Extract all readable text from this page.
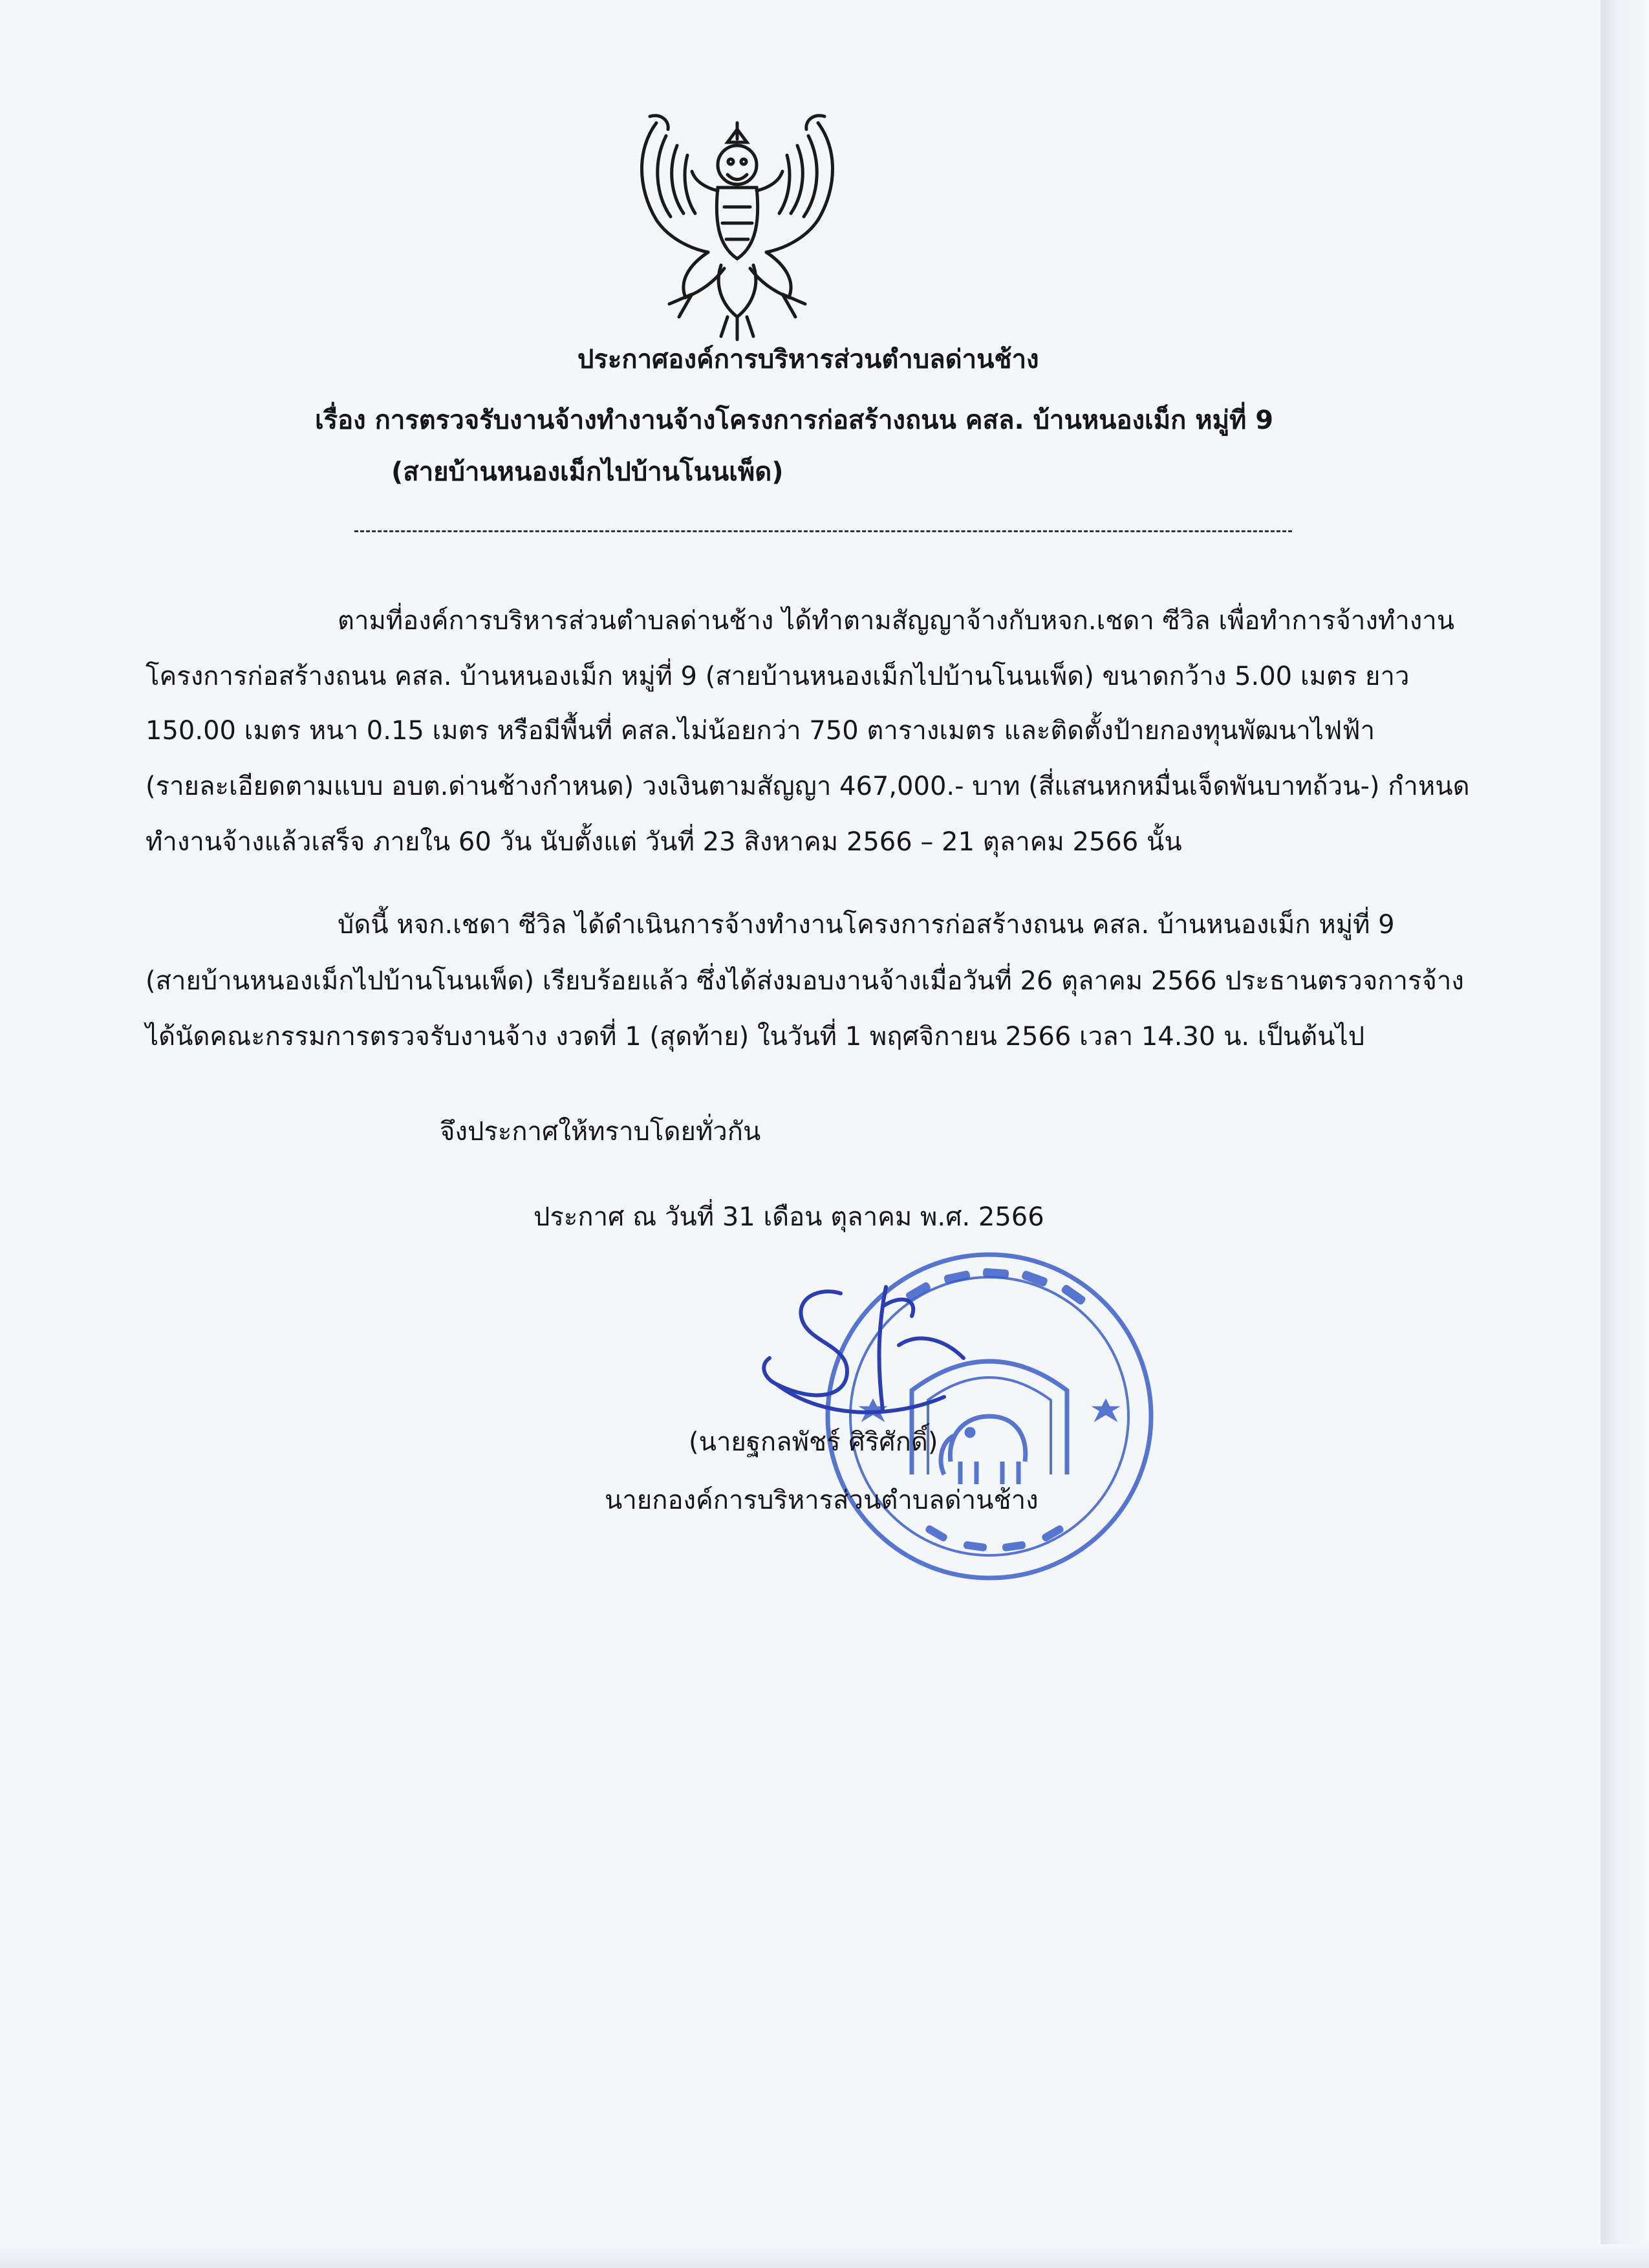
ประกาศองค์การบริหารส่วนตำบลด่านช้าง
เรื่อง การตรวจรับงานจ้างทำงานจ้างโครงการก่อสร้างถนน คสล. บ้านหนองเม็ก หมู่ที่ 9
(สายบ้านหนองเม็กไปบ้านโนนเพ็ด)
ตามที่องค์การบริหารส่วนตำบลด่านช้าง ได้ทำตามสัญญาจ้างกับหจก.เชดา ซีวิล เพื่อทำการจ้างทำงาน
โครงการก่อสร้างถนน คสล. บ้านหนองเม็ก หมู่ที่ 9 (สายบ้านหนองเม็กไปบ้านโนนเพ็ด) ขนาดกว้าง 5.00 เมตร ยาว
150.00 เมตร หนา 0.15 เมตร หรือมีพื้นที่ คสล.ไม่น้อยกว่า 750 ตารางเมตร และติดตั้งป้ายกองทุนพัฒนาไฟฟ้า
(รายละเอียดตามแบบ อบต.ด่านช้างกำหนด) วงเงินตามสัญญา 467,000.- บาท (สี่แสนหกหมื่นเจ็ดพันบาทถ้วน-) กำหนด
ทำงานจ้างแล้วเสร็จ ภายใน 60 วัน นับตั้งแต่ วันที่ 23 สิงหาคม 2566 – 21 ตุลาคม 2566 นั้น
บัดนี้ หจก.เชดา ซีวิล ได้ดำเนินการจ้างทำงานโครงการก่อสร้างถนน คสล. บ้านหนองเม็ก หมู่ที่ 9
(สายบ้านหนองเม็กไปบ้านโนนเพ็ด) เรียบร้อยแล้ว ซึ่งได้ส่งมอบงานจ้างเมื่อวันที่ 26 ตุลาคม 2566 ประธานตรวจการจ้าง
ได้นัดคณะกรรมการตรวจรับงานจ้าง งวดที่ 1 (สุดท้าย) ในวันที่ 1 พฤศจิกายน 2566 เวลา 14.30 น. เป็นต้นไป
จึงประกาศให้ทราบโดยทั่วกัน
ประกาศ ณ วันที่ 31 เดือน ตุลาคม พ.ศ. 2566
(นายฐกลพัชร์ ศิริศักดิ์)
นายกองค์การบริหารส่วนตำบลด่านช้าง
